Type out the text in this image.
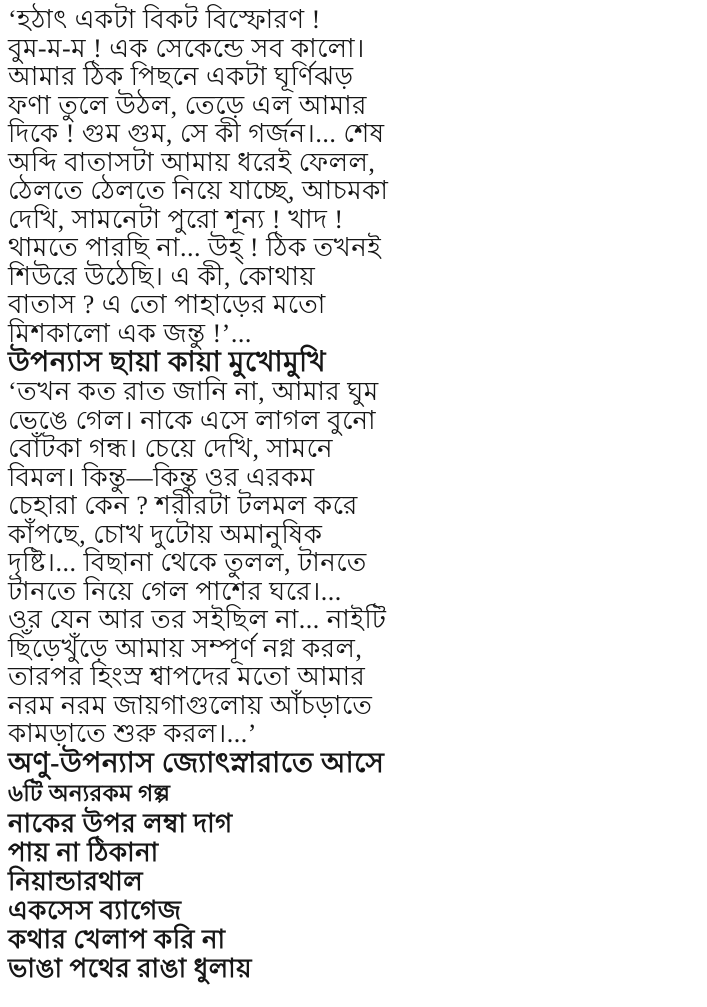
‘হঠাৎ একটা বিকট বিস্ফোরণ !
বুম-ম-ম ! এক সেকেন্ডে সব কালো।
আমার ঠিক পিছনে একটা ঘূর্ণিঝড়
ফণা তুলে উঠল, তেড়ে এল আমার
দিকে ! গুম গুম, সে কী গর্জন।... শেষ
অব্দি বাতাসটা আমায় ধরেই ফেলল,
ঠেলতে ঠেলতে নিয়ে যাচ্ছে, আচমকা
দেখি, সামনেটা পুরো শূন্য ! খাদ !
থামতে পারছি না... উহ্ ! ঠিক তখনই
শিউরে উঠেছি। এ কী, কোথায়
বাতাস ? এ তো পাহাড়ের মতো
মিশকালো এক জন্তু !’...
উপন্যাস ছায়া কায়া মুখোমুখি
‘তখন কত রাত জানি না, আমার ঘুম
ভেঙে গেল। নাকে এসে লাগল বুনো
বোঁটকা গন্ধ। চেয়ে দেখি, সামনে
বিমল। কিন্তু—কিন্তু ওর এরকম
চেহারা কেন ? শরীরটা টলমল করে
কাঁপছে, চোখ দুটোয় অমানুষিক
দৃষ্টি।... বিছানা থেকে তুলল, টানতে
টানতে নিয়ে গেল পাশের ঘরে।...
ওর যেন আর তর সইছিল না... নাইটি
ছিঁড়েখুঁড়ে আমায় সম্পূর্ণ নগ্ন করল,
তারপর হিংস্র শ্বাপদের মতো আমার
নরম নরম জায়গাগুলোয় আঁচড়াতে
কামড়াতে শুরু করল।...’
অণু-উপন্যাস জ্যোৎস্নারাতে আসে
৬টি অন্যরকম গল্প
নাকের উপর লম্বা দাগ
পায় না ঠিকানা
নিয়ান্ডারথাল
একসেস ব্যাগেজ
কথার খেলাপ করি না
ভাঙা পথের রাঙা ধুলায়
